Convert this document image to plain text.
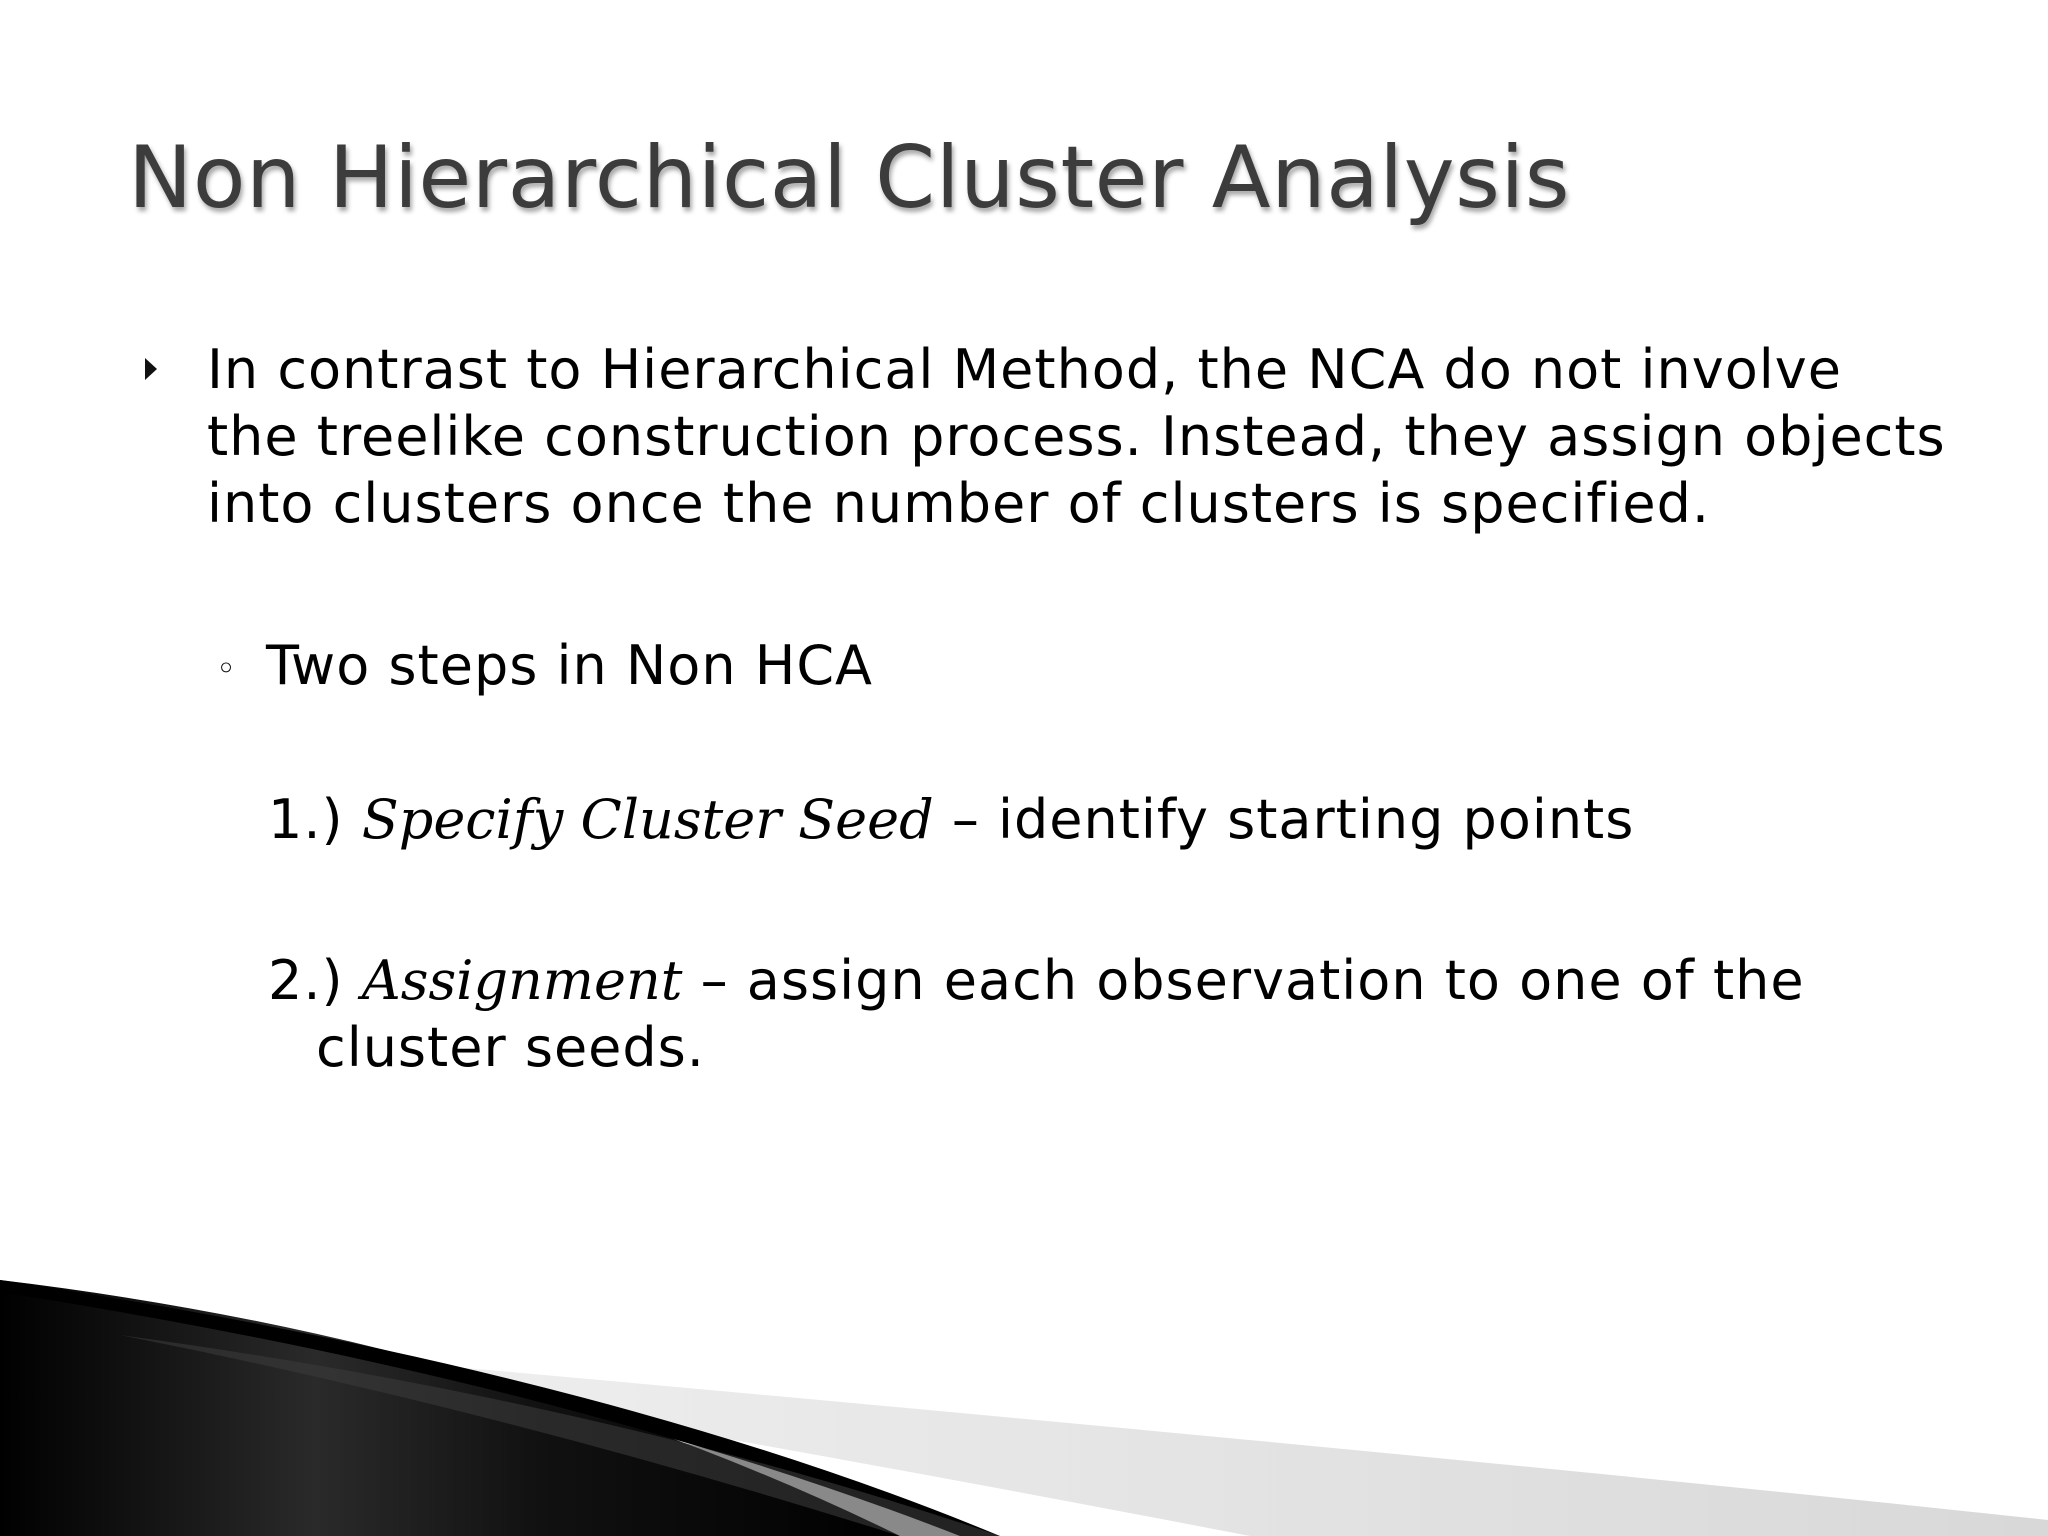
Non Hierarchical Cluster Analysis

In contrast to Hierarchical Method, the NCA do not involve the treelike construction process. Instead, they assign objects into clusters once the number of clusters is specified.

◦ Two steps in Non HCA

1.) Specify Cluster Seed – identify starting points

2.) Assignment – assign each observation to one of the
cluster seeds.
